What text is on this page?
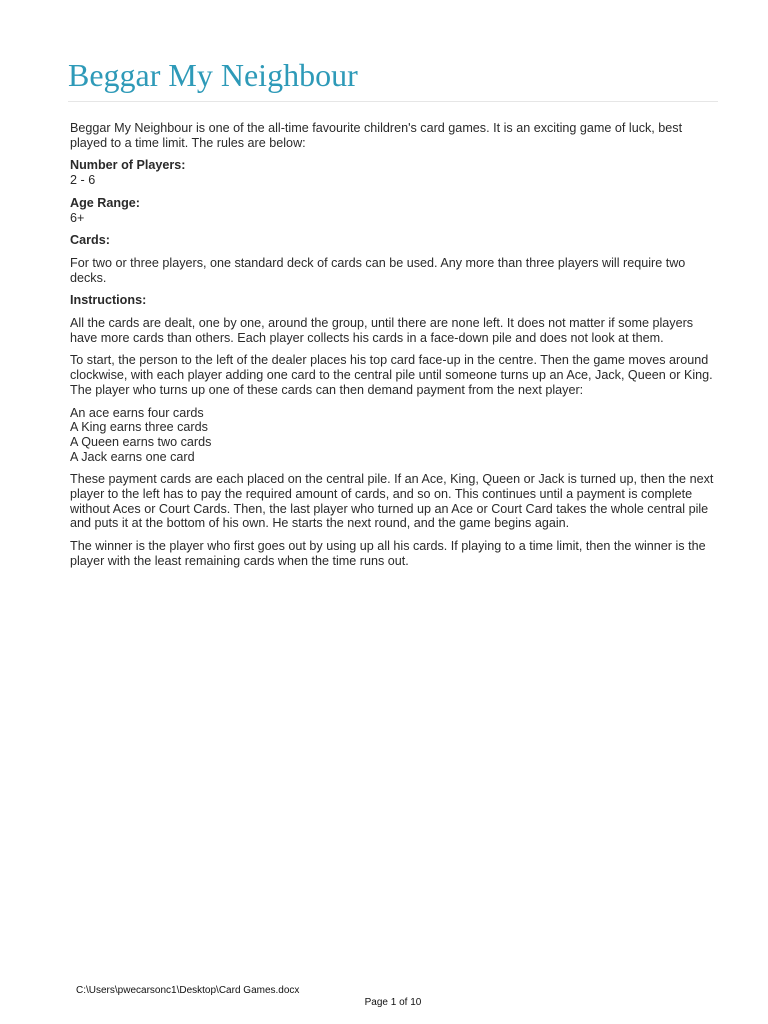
Beggar My Neighbour

Beggar My Neighbour is one of the all-time favourite children's card games. It is an exciting game of luck, best played to a time limit. The rules are below:

Number of Players:

2 - 6

Age Range:

6+

Cards:

For two or three players, one standard deck of cards can be used. Any more than three players will require two decks.

Instructions:

All the cards are dealt, one by one, around the group, until there are none left. It does not matter if some players have more cards than others. Each player collects his cards in a face-down pile and does not look at them.

To start, the person to the left of the dealer places his top card face-up in the centre. Then the game moves around clockwise, with each player adding one card to the central pile until someone turns up an Ace, Jack, Queen or King. The player who turns up one of these cards can then demand payment from the next player:

An ace earns four cards
A King earns three cards
A Queen earns two cards
A Jack earns one card

These payment cards are each placed on the central pile. If an Ace, King, Queen or Jack is turned up, then the next player to the left has to pay the required amount of cards, and so on. This continues until a payment is complete without Aces or Court Cards. Then, the last player who turned up an Ace or Court Card takes the whole central pile and puts it at the bottom of his own. He starts the next round, and the game begins again.

The winner is the player who first goes out by using up all his cards. If playing to a time limit, then the winner is the player with the least remaining cards when the time runs out.

C:\Users\pwecarsonc1\Desktop\Card Games.docx
Page 1 of 10
